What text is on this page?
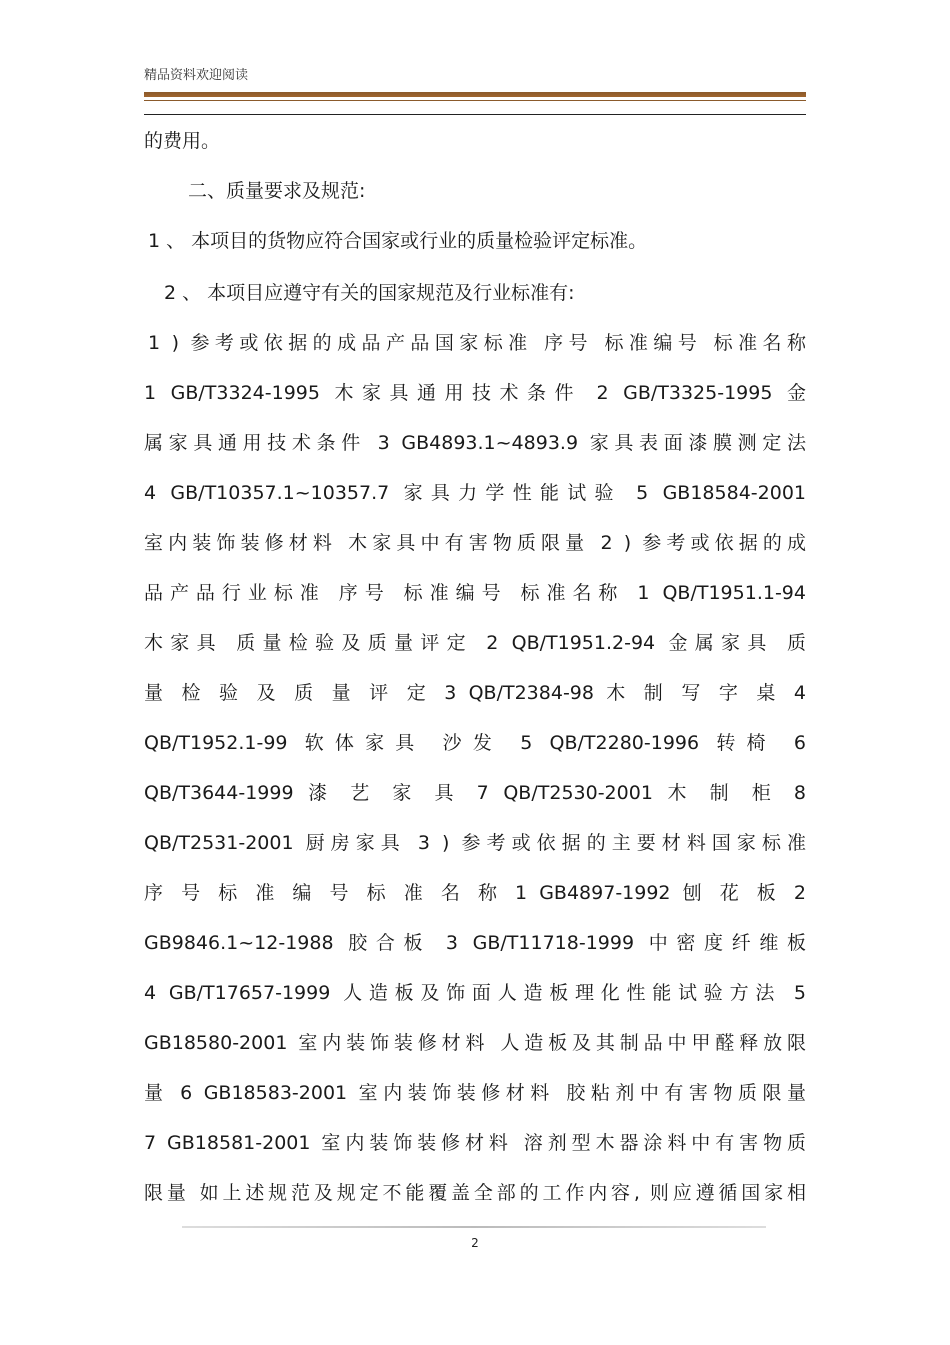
精品资料欢迎阅读
的费用。
二、质量要求及规范:
1 、 本项目的货物应符合国家或行业的质量检验评定标准。
2 、 本项目应遵守有关的国家规范及行业标准有:
1 ) 参考或依据的成品产品国家标准 序号 标准编号 标准名称
1 GB/T3324-1995 木家具通用技术条件 2 GB/T3325-1995 金
属家具通用技术条件 3 GB4893.1~4893.9 家具表面漆膜测定法
4 GB/T10357.1~10357.7 家具力学性能试验 5 GB18584-2001
室内装饰装修材料 木家具中有害物质限量 2 ) 参考或依据的成
品产品行业标准 序号 标准编号 标准名称 1 QB/T1951.1-94
木家具 质量检验及质量评定 2 QB/T1951.2-94 金属家具 质
量 检 验 及 质 量 评 定 3 QB/T2384-98 木 制 写 字 桌 4
QB/T1952.1-99 软体家具 沙发 5 QB/T2280-1996 转椅 6
QB/T3644-1999 漆 艺 家 具 7 QB/T2530-2001 木 制 柜 8
QB/T2531-2001 厨房家具 3 ) 参考或依据的主要材料国家标准
序 号 标 准 编 号 标 准 名 称 1 GB4897-1992 刨 花 板 2
GB9846.1~12-1988 胶合板 3 GB/T11718-1999 中密度纤维板
4 GB/T17657-1999 人造板及饰面人造板理化性能试验方法 5
GB18580-2001 室内装饰装修材料 人造板及其制品中甲醛释放限
量 6 GB18583-2001 室内装饰装修材料 胶粘剂中有害物质限量
7 GB18581-2001 室内装饰装修材料 溶剂型木器涂料中有害物质
限量 如上述规范及规定不能覆盖全部的工作内容, 则应遵循国家相
2
